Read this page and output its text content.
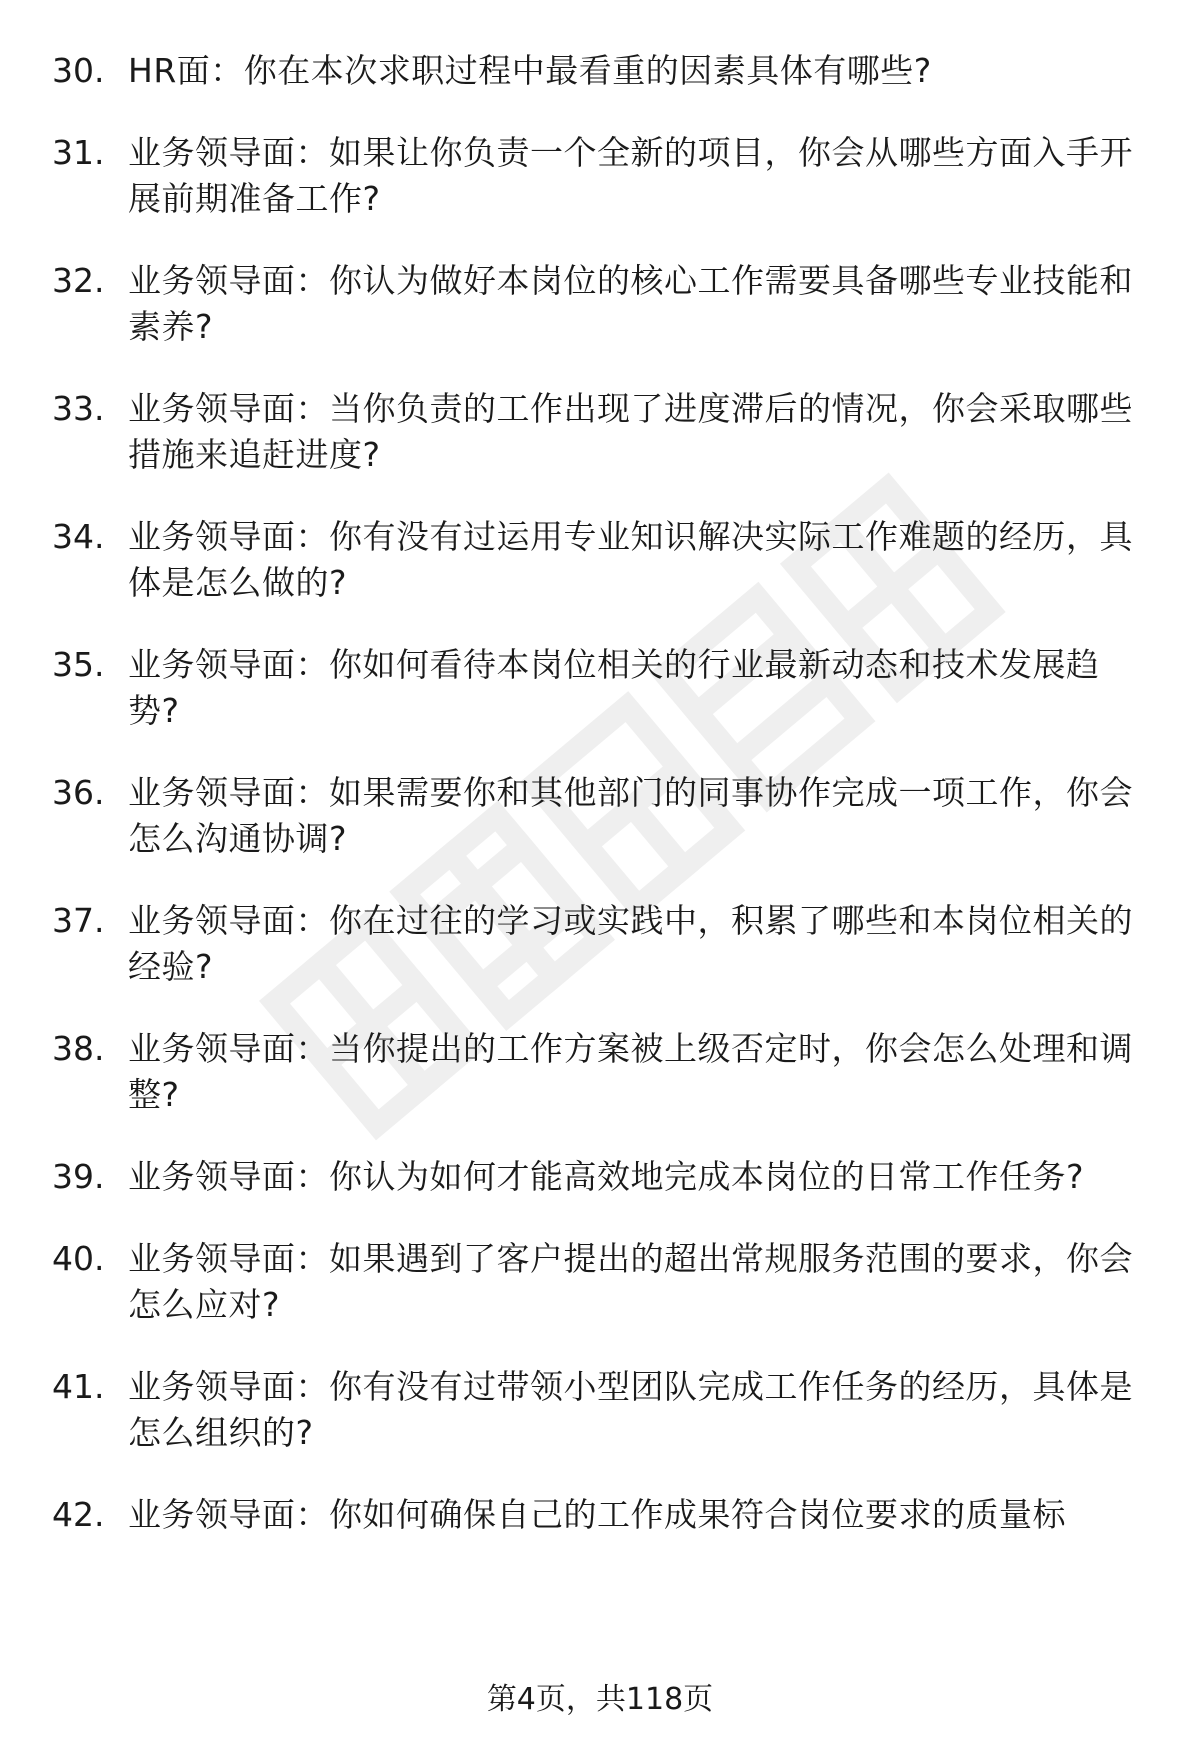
30. HR面：你在本次求职过程中最看重的因素具体有哪些?
31. 业务领导面：如果让你负责一个全新的项目，你会从哪些方面入手开展前期准备工作?
32. 业务领导面：你认为做好本岗位的核心工作需要具备哪些专业技能和素养?
33. 业务领导面：当你负责的工作出现了进度滞后的情况，你会采取哪些措施来追赶进度?
34. 业务领导面：你有没有过运用专业知识解决实际工作难题的经历，具体是怎么做的?
35. 业务领导面：你如何看待本岗位相关的行业最新动态和技术发展趋势?
36. 业务领导面：如果需要你和其他部门的同事协作完成一项工作，你会怎么沟通协调?
37. 业务领导面：你在过往的学习或实践中，积累了哪些和本岗位相关的经验?
38. 业务领导面：当你提出的工作方案被上级否定时，你会怎么处理和调整?
39. 业务领导面：你认为如何才能高效地完成本岗位的日常工作任务?
40. 业务领导面：如果遇到了客户提出的超出常规服务范围的要求，你会怎么应对?
41. 业务领导面：你有没有过带领小型团队完成工作任务的经历，具体是怎么组织的?
42. 业务领导面：你如何确保自己的工作成果符合岗位要求的质量标
第4页，共118页
